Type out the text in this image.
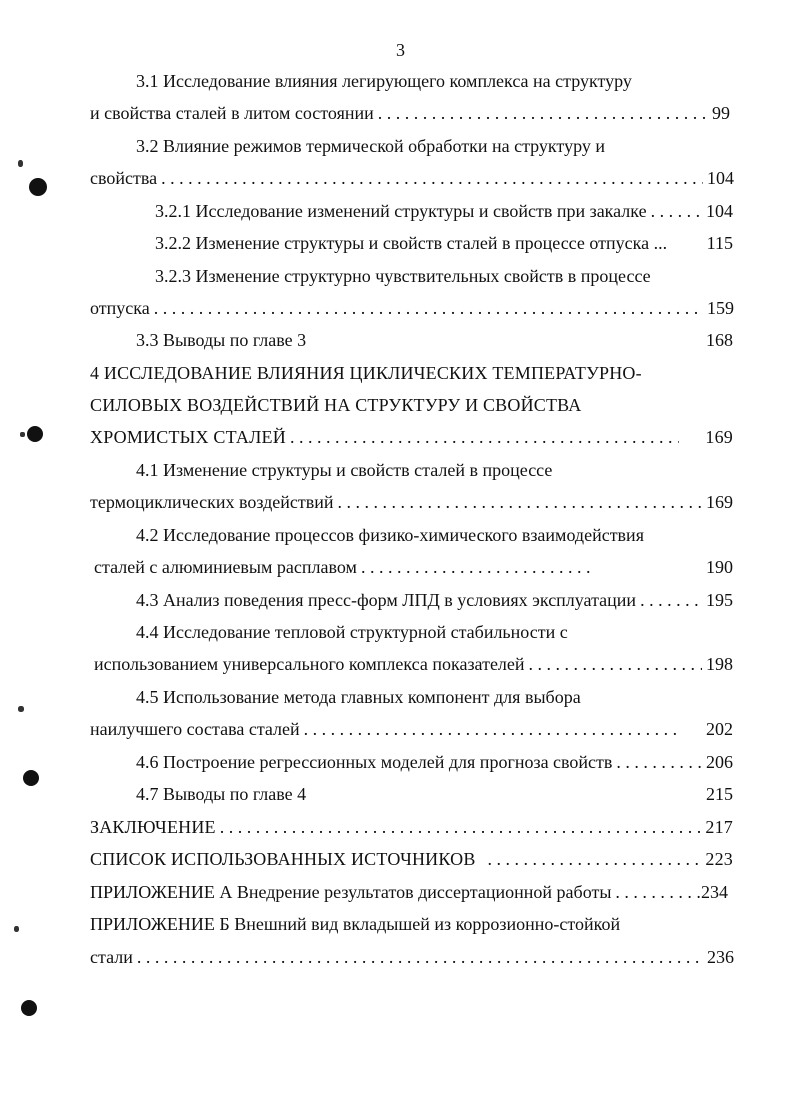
3
3.1 Исследование влияния легирующего комплекса на структуру
и свойства сталей в литом состоянии . . .	99
3.2 Влияние режимов термической обработки на структуру и
свойства . . .	104
3.2.1 Исследование изменений структуры и свойств при закалке . . .	104
3.2.2 Изменение структуры и свойств сталей в процессе отпуска ... 115
3.2.3 Изменение структурно чувствительных свойств в процессе
отпуска . . .	159
3.3 Выводы по главе 3	168
4 ИССЛЕДОВАНИЕ ВЛИЯНИЯ ЦИКЛИЧЕСКИХ ТЕМПЕРАТУРНО-
СИЛОВЫХ ВОЗДЕЙСТВИЙ НА СТРУКТУРУ И СВОЙСТВА
ХРОМИСТЫХ СТАЛЕЙ . . .	169
4.1 Изменение структуры и свойств сталей в процессе
термоциклических воздействий . . .	169
4.2 Исследование процессов физико-химического взаимодействия
сталей с алюминиевым расплавом . . .	190
4.3 Анализ поведения пресс-форм ЛПД в условиях эксплуатации . . .	195
4.4 Исследование тепловой структурной стабильности с
использованием универсального комплекса показателей . . .	198
4.5 Использование метода главных компонент для выбора
наилучшего состава сталей . . .	202
4.6 Построение регрессионных моделей для прогноза свойств . . .	206
4.7 Выводы по главе 4	215
ЗАКЛЮЧЕНИЕ . . .	217
СПИСОК ИСПОЛЬЗОВАННЫХ ИСТОЧНИКОВ . . .	223
ПРИЛОЖЕНИЕ А Внедрение результатов диссертационной работы . . .	234
ПРИЛОЖЕНИЕ Б Внешний вид вкладышей из коррозионно-стойкой
стали . . .	236
